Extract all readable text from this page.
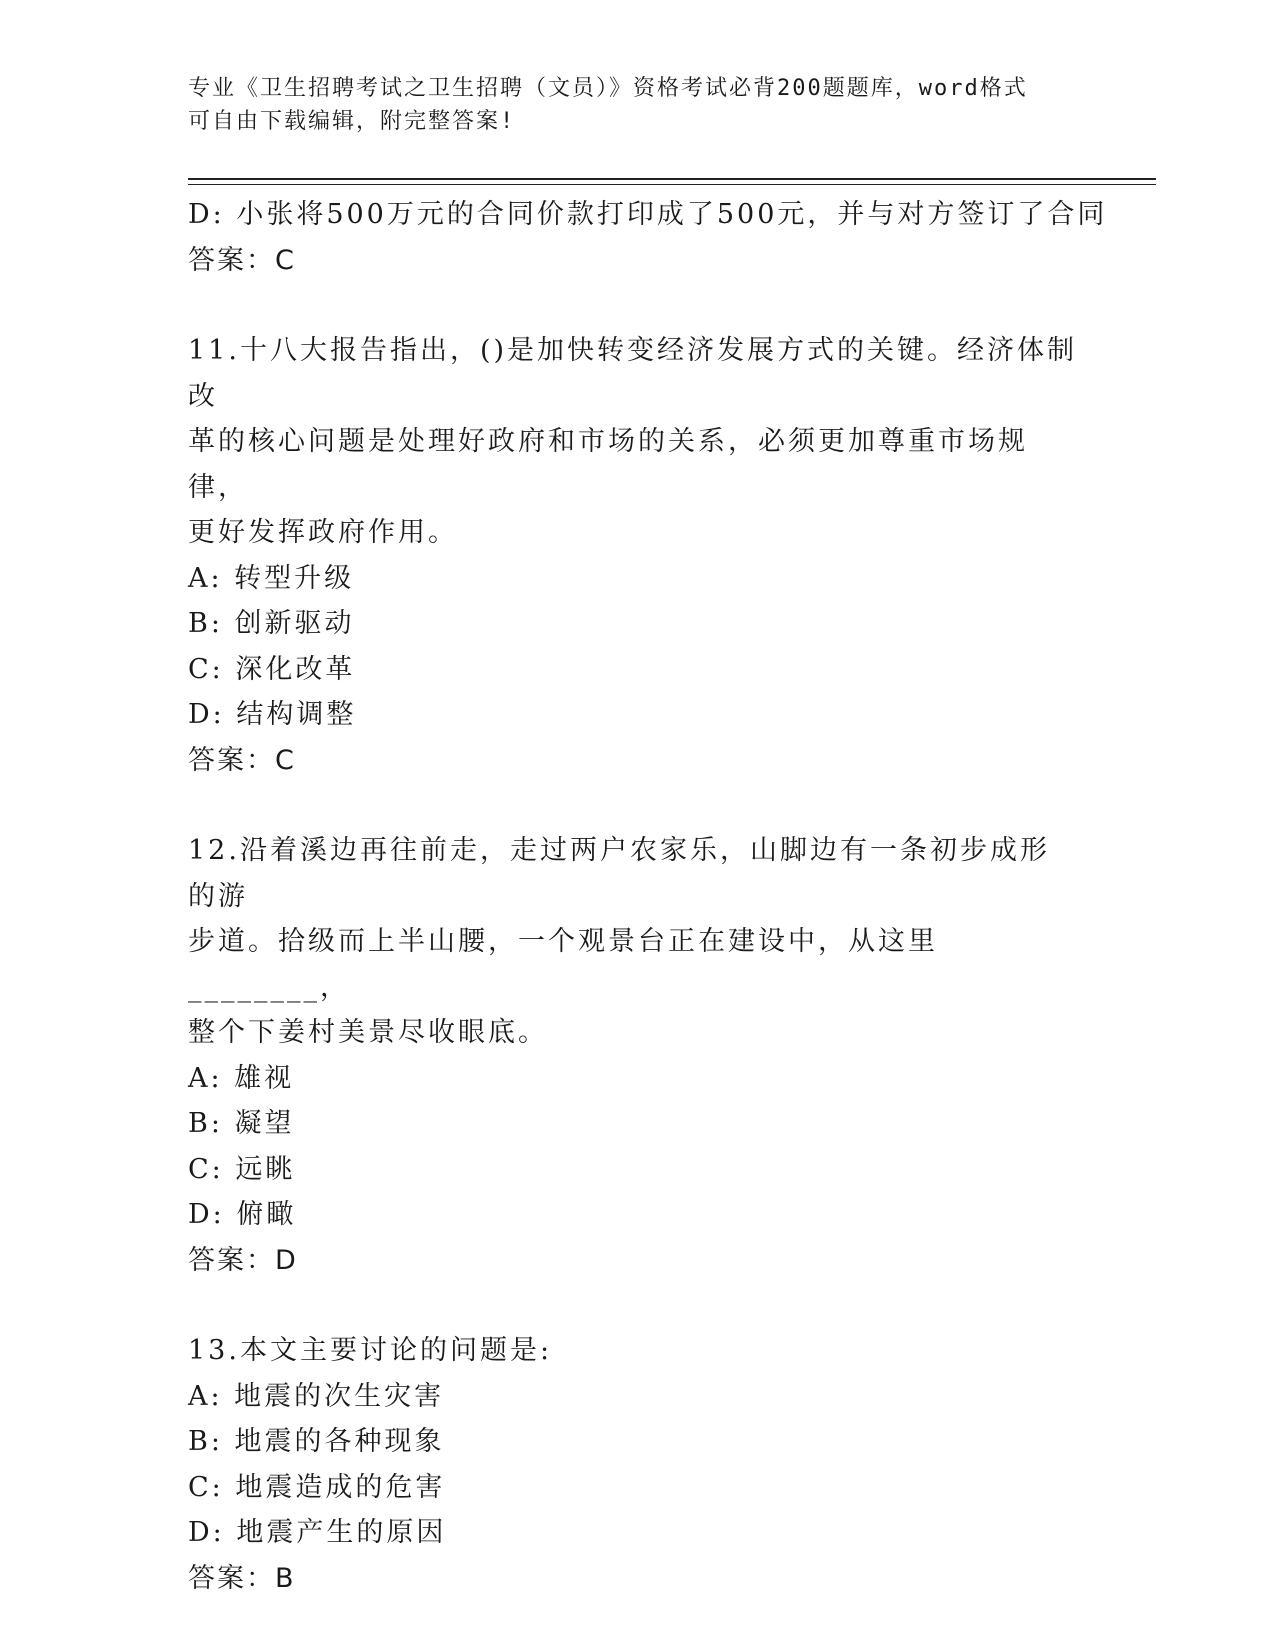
专业《卫生招聘考试之卫生招聘（文员）》资格考试必背200题题库，word格式
可自由下载编辑，附完整答案!
D: 小张将500万元的合同价款打印成了500元，并与对方签订了合同
答案：C
11.十八大报告指出，()是加快转变经济发展方式的关键。经济体制改
革的核心问题是处理好政府和市场的关系，必须更加尊重市场规律，
更好发挥政府作用。
A: 转型升级
B: 创新驱动
C: 深化改革
D: 结构调整
答案：C
12.沿着溪边再往前走，走过两户农家乐，山脚边有一条初步成形的游
步道。拾级而上半山腰，一个观景台正在建设中，从这里________，
整个下姜村美景尽收眼底。
A: 雄视
B: 凝望
C: 远眺
D: 俯瞰
答案：D
13.本文主要讨论的问题是:
A: 地震的次生灾害
B: 地震的各种现象
C: 地震造成的危害
D: 地震产生的原因
答案：B
